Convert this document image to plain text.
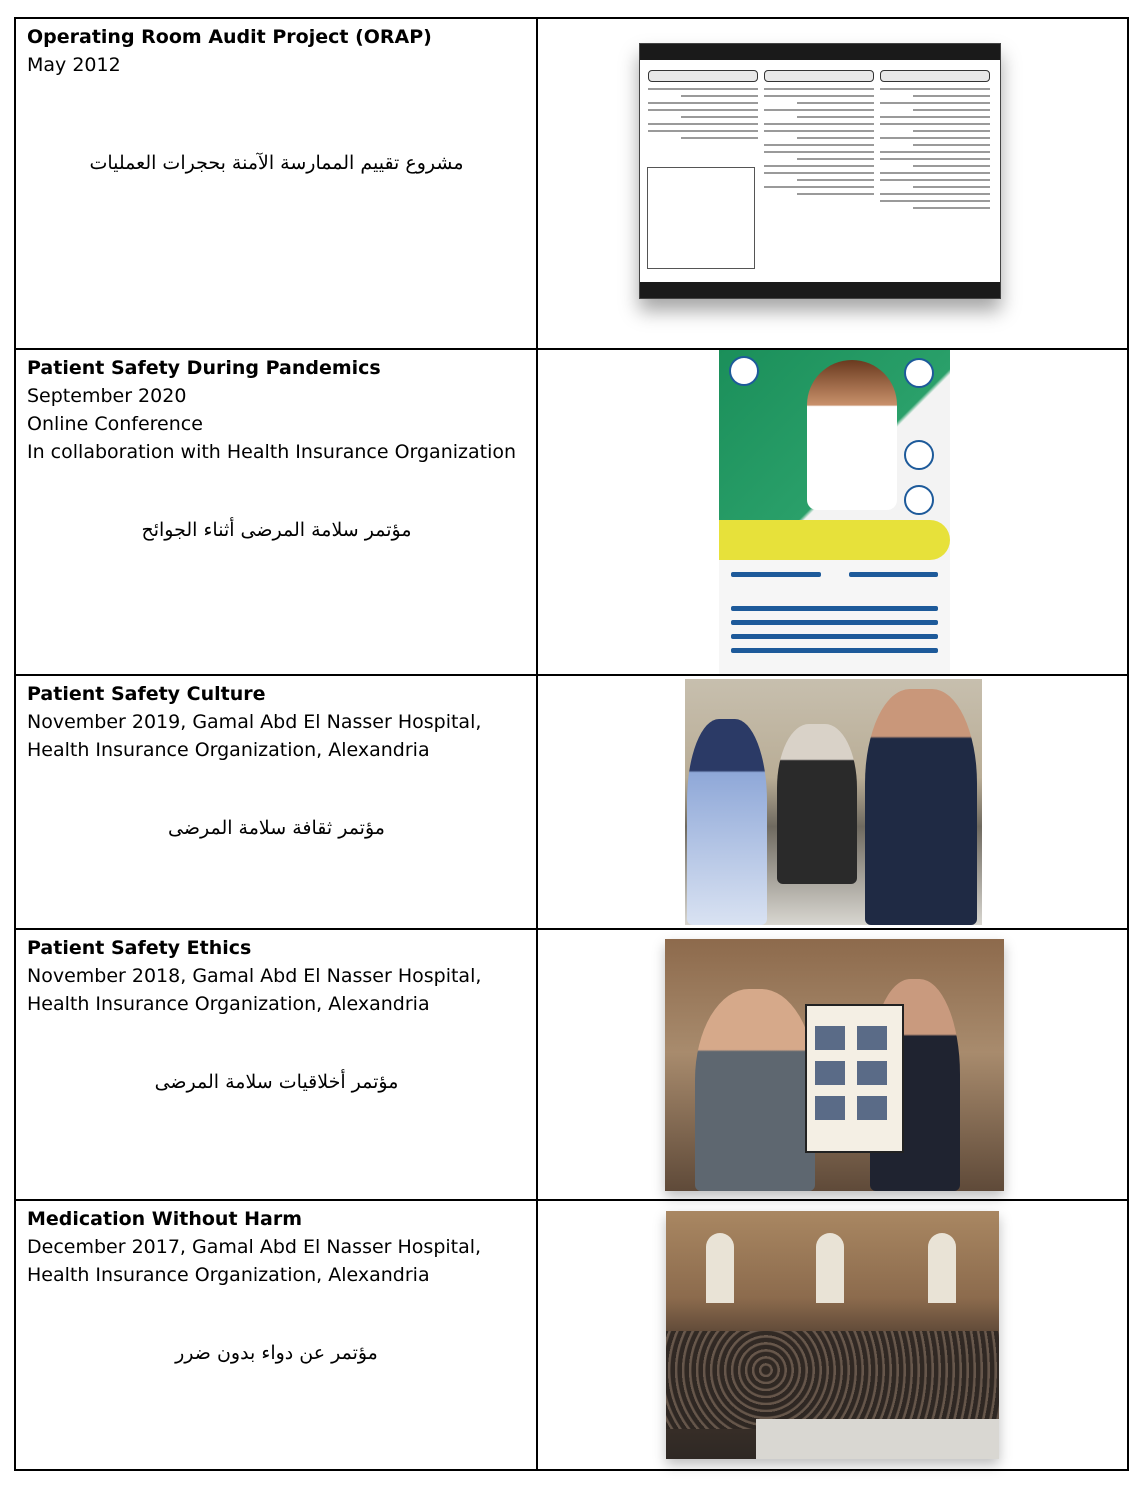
Operating Room Audit Project (ORAP)
May 2012
مشروع تقييم الممارسة الآمنة بحجرات العمليات	

Patient Safety During Pandemics
September 2020
Online Conference
In collaboration with Health Insurance Organization
مؤتمر سلامة المرضى أثناء الجوائح	

Patient Safety Culture
November 2019, Gamal Abd El Nasser Hospital,
Health Insurance Organization, Alexandria
مؤتمر ثقافة سلامة المرضى	

Patient Safety Ethics
November 2018, Gamal Abd El Nasser Hospital,
Health Insurance Organization, Alexandria
مؤتمر أخلاقيات سلامة المرضى	

Medication Without Harm
December 2017, Gamal Abd El Nasser Hospital,
Health Insurance Organization, Alexandria
مؤتمر عن دواء بدون ضرر	
